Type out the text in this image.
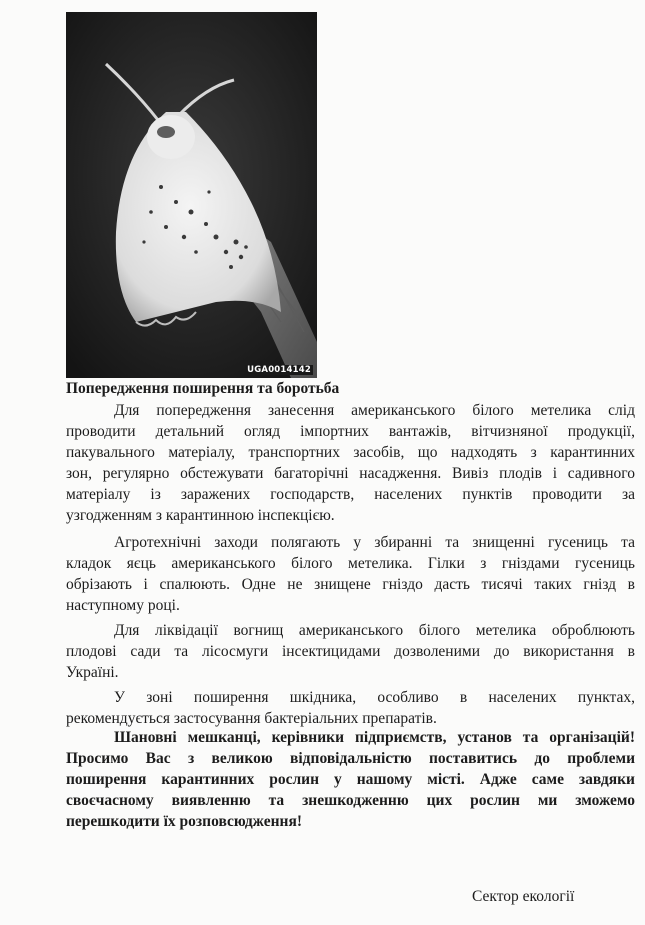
UGA0014142
Попередження поширення та боротьба

Для попередження занесення американського білого метелика слід
проводити детальний огляд імпортних вантажів, вітчизняної продукції,
пакувального матеріалу, транспортних засобів, що надходять з карантинних
зон, регулярно обстежувати багаторічні насадження. Вивіз плодів і садивного
матеріалу із заражених господарств, населених пунктів проводити за
узгодженням з карантинною інспекцією.

Агротехнічні заходи полягають у збиранні та знищенні гусениць та
кладок яєць американського білого метелика. Гілки з гніздами гусениць
обрізають і спалюють. Одне не знищене гніздо дасть тисячі таких гнізд в
наступному році.

Для ліквідації вогнищ американського білого метелика оброблюють
плодові сади та лісосмуги інсектицидами дозволеними до використання в
Україні.

У зоні поширення шкідника, особливо в населених пунктах,
рекомендується застосування бактеріальних препаратів.

Шановні мешканці, керівники підприємств, установ та організацій!
Просимо Вас з великою відповідальністю поставитись до проблеми
поширення карантинних рослин у нашому місті. Адже саме завдяки
своєчасному виявленню та знешкодженню цих рослин ми зможемо
перешкодити їх розповсюдження!
Сектор екології
